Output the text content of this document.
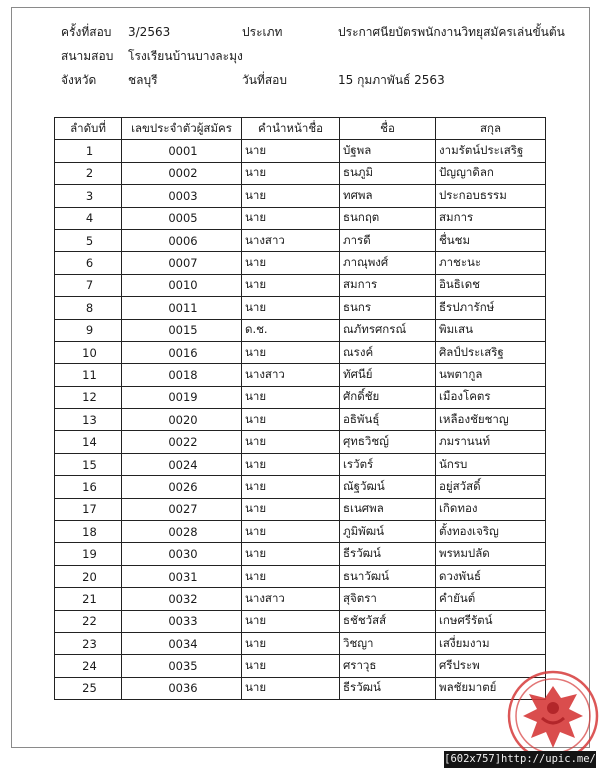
ครั้งที่สอบ 3/2563	ประเภท	ประกาศนียบัตรพนักงานวิทยุสมัครเล่นขั้นต้น
สนามสอบ โรงเรียนบ้านบางละมุง
จังหวัด	ชลบุรี	วันที่สอบ	15 กุมภาพันธ์ 2563
ลำดับที่	เลขประจำตัวผู้สมัคร	คำนำหน้าชื่อ	ชื่อ	สกุล
1	0001	นาย	บัฐพล	งามรัตน์ประเสริฐ
2	0002	นาย	ธนภูมิ	ปัญญาดิลก
3	0003	นาย	ทศพล	ประกอบธรรม
4	0005	นาย	ธนกฤต	สมการ
5	0006	นางสาว	ภารดี	ชื่นชม
6	0007	นาย	ภาณุพงศ์	ภาชะนะ
7	0010	นาย	สมการ	อินธิเดช
8	0011	นาย	ธนกร	ธีรปภารักษ์
9	0015	ด.ช.	ณภัทรศกรณ์	พิมเสน
10	0016	นาย	ณรงค์	ศิลป์ประเสริฐ
11	0018	นางสาว	ทัศนีย์	นพตากูล
12	0019	นาย	ศักดิ์ชัย	เมืองโคตร
13	0020	นาย	อธิพันธุ์	เหลืองชัยชาญ
14	0022	นาย	ศุทธวิชญ์	ภมรานนท์
15	0024	นาย	เรวัตร์	นักรบ
16	0026	นาย	ณัฐวัฒน์	อยู่สวัสดิ์
17	0027	นาย	ธเนศพล	เกิดทอง
18	0028	นาย	ภูมิพัฒน์	ตั้งทองเจริญ
19	0030	นาย	ธีรวัฒน์	พรหมปลัด
20	0031	นาย	ธนาวัฒน์	ดวงพันธ์
21	0032	นางสาว	สุจิตรา	คำยันต์
22	0033	นาย	ธชัชวัสส์	เกษศรีรัตน์
23	0034	นาย	วิชญา	เสงี่ยมงาม
24	0035	นาย	ศราวุธ	ศรีประพ
25	0036	นาย	ธีรวัฒน์	พลชัยมาตย์
[602x757]http://upic.me/
